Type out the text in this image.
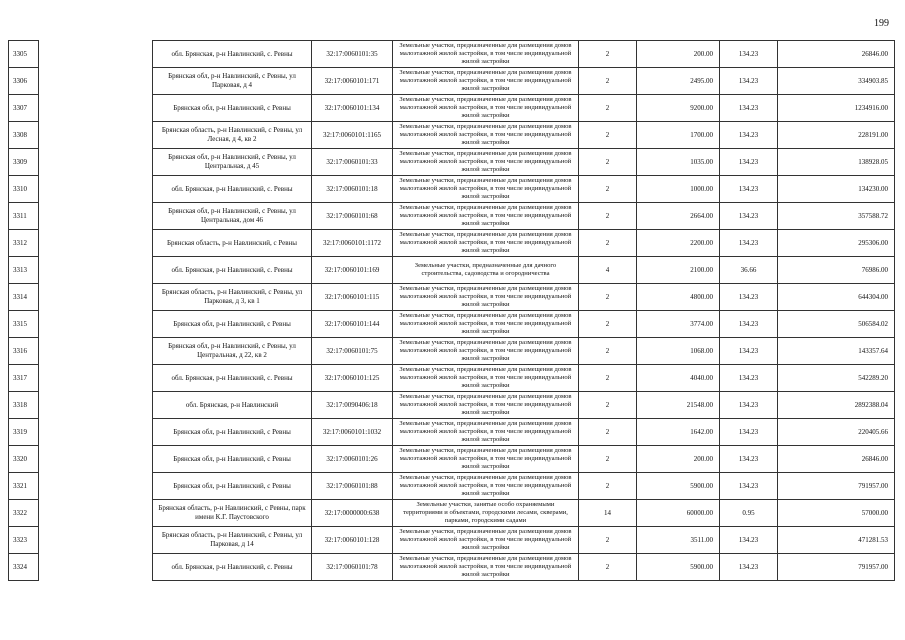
199
3305		обл. Брянская, р-н Навлинский, с. Ревны	32:17:0060101:35	Земельные участки, предназначенные для размещения домов малоэтажной жилой застройки, в том числе индивидуальной жилой застройки	2	200.00	134.23	26846.00
3306		Брянская обл, р-н Навлинский, с Ревны, ул Парковая, д 4	32:17:0060101:171	Земельные участки, предназначенные для размещения домов малоэтажной жилой застройки, в том числе индивидуальной жилой застройки	2	2495.00	134.23	334903.85
3307		Брянская обл, р-н Навлинский, с Ревны	32:17:0060101:134	Земельные участки, предназначенные для размещения домов малоэтажной жилой застройки, в том числе индивидуальной жилой застройки	2	9200.00	134.23	1234916.00
3308		Брянская область, р-н Навлинский, с Ревны, ул Лесная, д 4, кв 2	32:17:0060101:1165	Земельные участки, предназначенные для размещения домов малоэтажной жилой застройки, в том числе индивидуальной жилой застройки	2	1700.00	134.23	228191.00
3309		Брянская обл, р-н Навлинский, с Ревны, ул Центральная, д 45	32:17:0060101:33	Земельные участки, предназначенные для размещения домов малоэтажной жилой застройки, в том числе индивидуальной жилой застройки	2	1035.00	134.23	138928.05
3310		обл. Брянская, р-н Навлинский, с. Ревны	32:17:0060101:18	Земельные участки, предназначенные для размещения домов малоэтажной жилой застройки, в том числе индивидуальной жилой застройки	2	1000.00	134.23	134230.00
3311		Брянская обл, р-н Навлинский, с Ревны, ул Центральная, дом 46	32:17:0060101:68	Земельные участки, предназначенные для размещения домов малоэтажной жилой застройки, в том числе индивидуальной жилой застройки	2	2664.00	134.23	357588.72
3312		Брянская область, р-н Навлинский, с Ревны	32:17:0060101:1172	Земельные участки, предназначенные для размещения домов малоэтажной жилой застройки, в том числе индивидуальной жилой застройки	2	2200.00	134.23	295306.00
3313		обл. Брянская, р-н Навлинский, с. Ревны	32:17:0060101:169	Земельные участки, предназначенные для дачного строительства, садоводства и огородничества	4	2100.00	36.66	76986.00
3314		Брянская область, р-н Навлинский, с Ревны, ул Парковая, д 3, кв 1	32:17:0060101:115	Земельные участки, предназначенные для размещения домов малоэтажной жилой застройки, в том числе индивидуальной жилой застройки	2	4800.00	134.23	644304.00
3315		Брянская обл, р-н Навлинский, с Ревны	32:17:0060101:144	Земельные участки, предназначенные для размещения домов малоэтажной жилой застройки, в том числе индивидуальной жилой застройки	2	3774.00	134.23	506584.02
3316		Брянская обл, р-н Навлинский, с Ревны, ул Центральная, д 22, кв 2	32:17:0060101:75	Земельные участки, предназначенные для размещения домов малоэтажной жилой застройки, в том числе индивидуальной жилой застройки	2	1068.00	134.23	143357.64
3317		обл. Брянская, р-н Навлинский, с. Ревны	32:17:0060101:125	Земельные участки, предназначенные для размещения домов малоэтажной жилой застройки, в том числе индивидуальной жилой застройки	2	4040.00	134.23	542289.20
3318		обл. Брянская, р-н Навлинский	32:17:0090406:18	Земельные участки, предназначенные для размещения домов малоэтажной жилой застройки, в том числе индивидуальной жилой застройки	2	21548.00	134.23	2892388.04
3319		Брянская обл, р-н Навлинский, с Ревны	32:17:0060101:1032	Земельные участки, предназначенные для размещения домов малоэтажной жилой застройки, в том числе индивидуальной жилой застройки	2	1642.00	134.23	220405.66
3320		Брянская обл, р-н Навлинский, с Ревны	32:17:0060101:26	Земельные участки, предназначенные для размещения домов малоэтажной жилой застройки, в том числе индивидуальной жилой застройки	2	200.00	134.23	26846.00
3321		Брянская обл, р-н Навлинский, с Ревны	32:17:0060101:88	Земельные участки, предназначенные для размещения домов малоэтажной жилой застройки, в том числе индивидуальной жилой застройки	2	5900.00	134.23	791957.00
3322		Брянская область, р-н Навлинский, с Ревны, парк имени К.Г. Паустовского	32:17:0000000:638	Земельные участки, занятые особо охраняемыми территориями и объектами, городскими лесами, скверами, парками, городскими садами	14	60000.00	0.95	57000.00
3323		Брянская область, р-н Навлинский, с Ревны, ул Парковая, д 14	32:17:0060101:128	Земельные участки, предназначенные для размещения домов малоэтажной жилой застройки, в том числе индивидуальной жилой застройки	2	3511.00	134.23	471281.53
3324		обл. Брянская, р-н Навлинский, с. Ревны	32:17:0060101:78	Земельные участки, предназначенные для размещения домов малоэтажной жилой застройки, в том числе индивидуальной жилой застройки	2	5900.00	134.23	791957.00
